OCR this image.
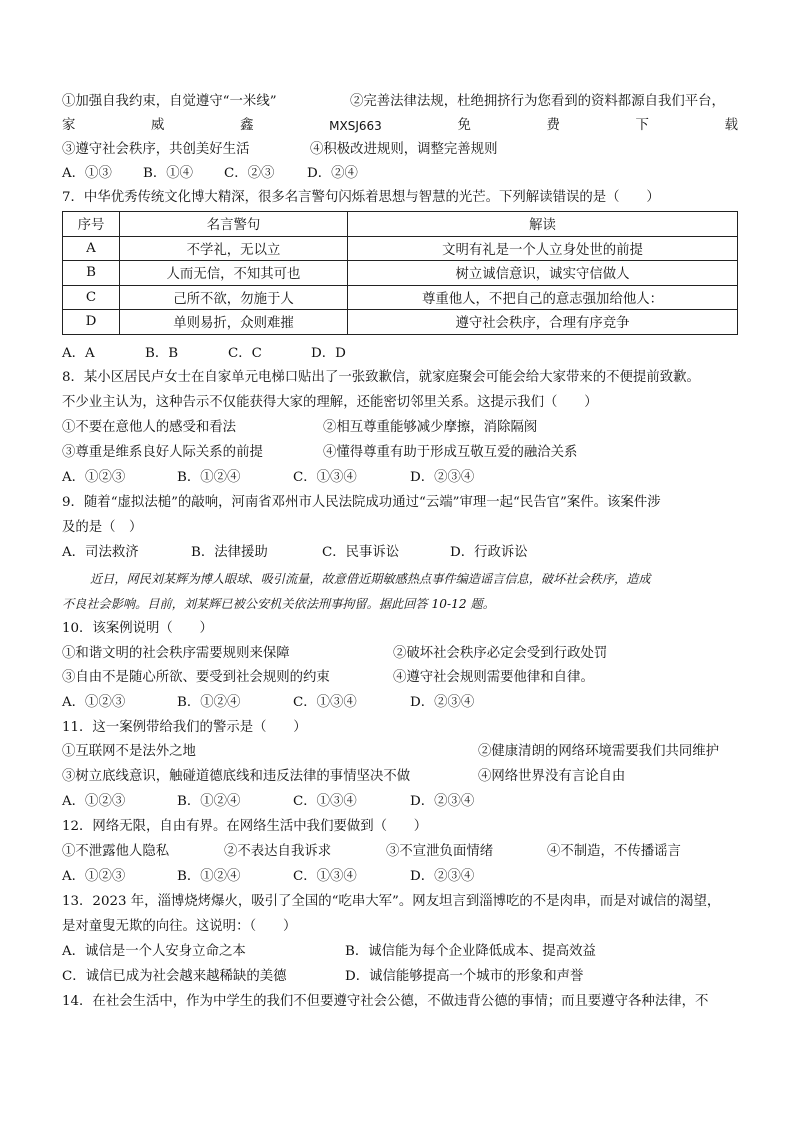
①加强自我约束，自觉遵守“一米线”	②完善法律法规，杜绝拥挤行为您看到的资料都源自我们平台，
家	威	鑫	MXSJ663	免	费	下	载
③遵守社会秩序，共创美好生活	④积极改进规则，调整完善规则
A．①③ B．①④ C．②③ D．②④
7．中华优秀传统文化博大精深，很多名言警句闪烁着思想与智慧的光芒。下列解读错误的是（　　）
序号	名言警句	解读
A	不学礼，无以立	文明有礼是一个人立身处世的前提
B	人而无信，不知其可也	树立诚信意识，诚实守信做人
C	己所不欲，勿施于人	尊重他人，不把自己的意志强加给他人：
D	单则易折，众则难摧	遵守社会秩序，合理有序竞争
A．A	B．B	C．C	D．D
8．某小区居民卢女士在自家单元电梯口贴出了一张致歉信，就家庭聚会可能会给大家带来的不便提前致歉。
不少业主认为，这种告示不仅能获得大家的理解，还能密切邻里关系。这提示我们（　　）
①不要在意他人的感受和看法	②相互尊重能够减少摩擦，消除隔阂
③尊重是维系良好人际关系的前提	④懂得尊重有助于形成互敬互爱的融洽关系
A．①②③	B．①②④	C．①③④	D．②③④
9．随着“虚拟法槌”的敲响，河南省邓州市人民法院成功通过“云端”审理一起“民告官”案件。该案件涉
及的是（　）
A．司法救济	B．法律援助	C．民事诉讼	D．行政诉讼
近日，网民刘某辉为博人眼球、吸引流量，故意借近期敏感热点事件编造谣言信息，破坏社会秩序，造成
不良社会影响。目前，刘某辉已被公安机关依法刑事拘留。据此回答 10-12 题。
10．该案例说明（　　）
①和谐文明的社会秩序需要规则来保障	②破坏社会秩序必定会受到行政处罚
③自由不是随心所欲、要受到社会规则的约束	④遵守社会规则需要他律和自律。
A．①②③	B．①②④	C．①③④	D．②③④
11．这一案例带给我们的警示是（　　）
①互联网不是法外之地	②健康清朗的网络环境需要我们共同维护
③树立底线意识，触碰道德底线和违反法律的事情坚决不做	④网络世界没有言论自由
A．①②③	B．①②④	C．①③④	D．②③④
12．网络无限，自由有界。在网络生活中我们要做到（　　）
①不泄露他人隐私	②不表达自我诉求	③不宣泄负面情绪	④不制造，不传播谣言
A．①②③	B．①②④	C．①③④	D．②③④
13．2023 年，淄博烧烤爆火，吸引了全国的“吃串大军”。网友坦言到淄博吃的不是肉串，而是对诚信的渴望，
是对童叟无欺的向往。这说明：（　　）
A．诚信是一个人安身立命之本	B．诚信能为每个企业降低成本、提高效益
C．诚信已成为社会越来越稀缺的美德	D．诚信能够提高一个城市的形象和声誉
14．在社会生活中，作为中学生的我们不但要遵守社会公德，不做违背公德的事情；而且要遵守各种法律，不
